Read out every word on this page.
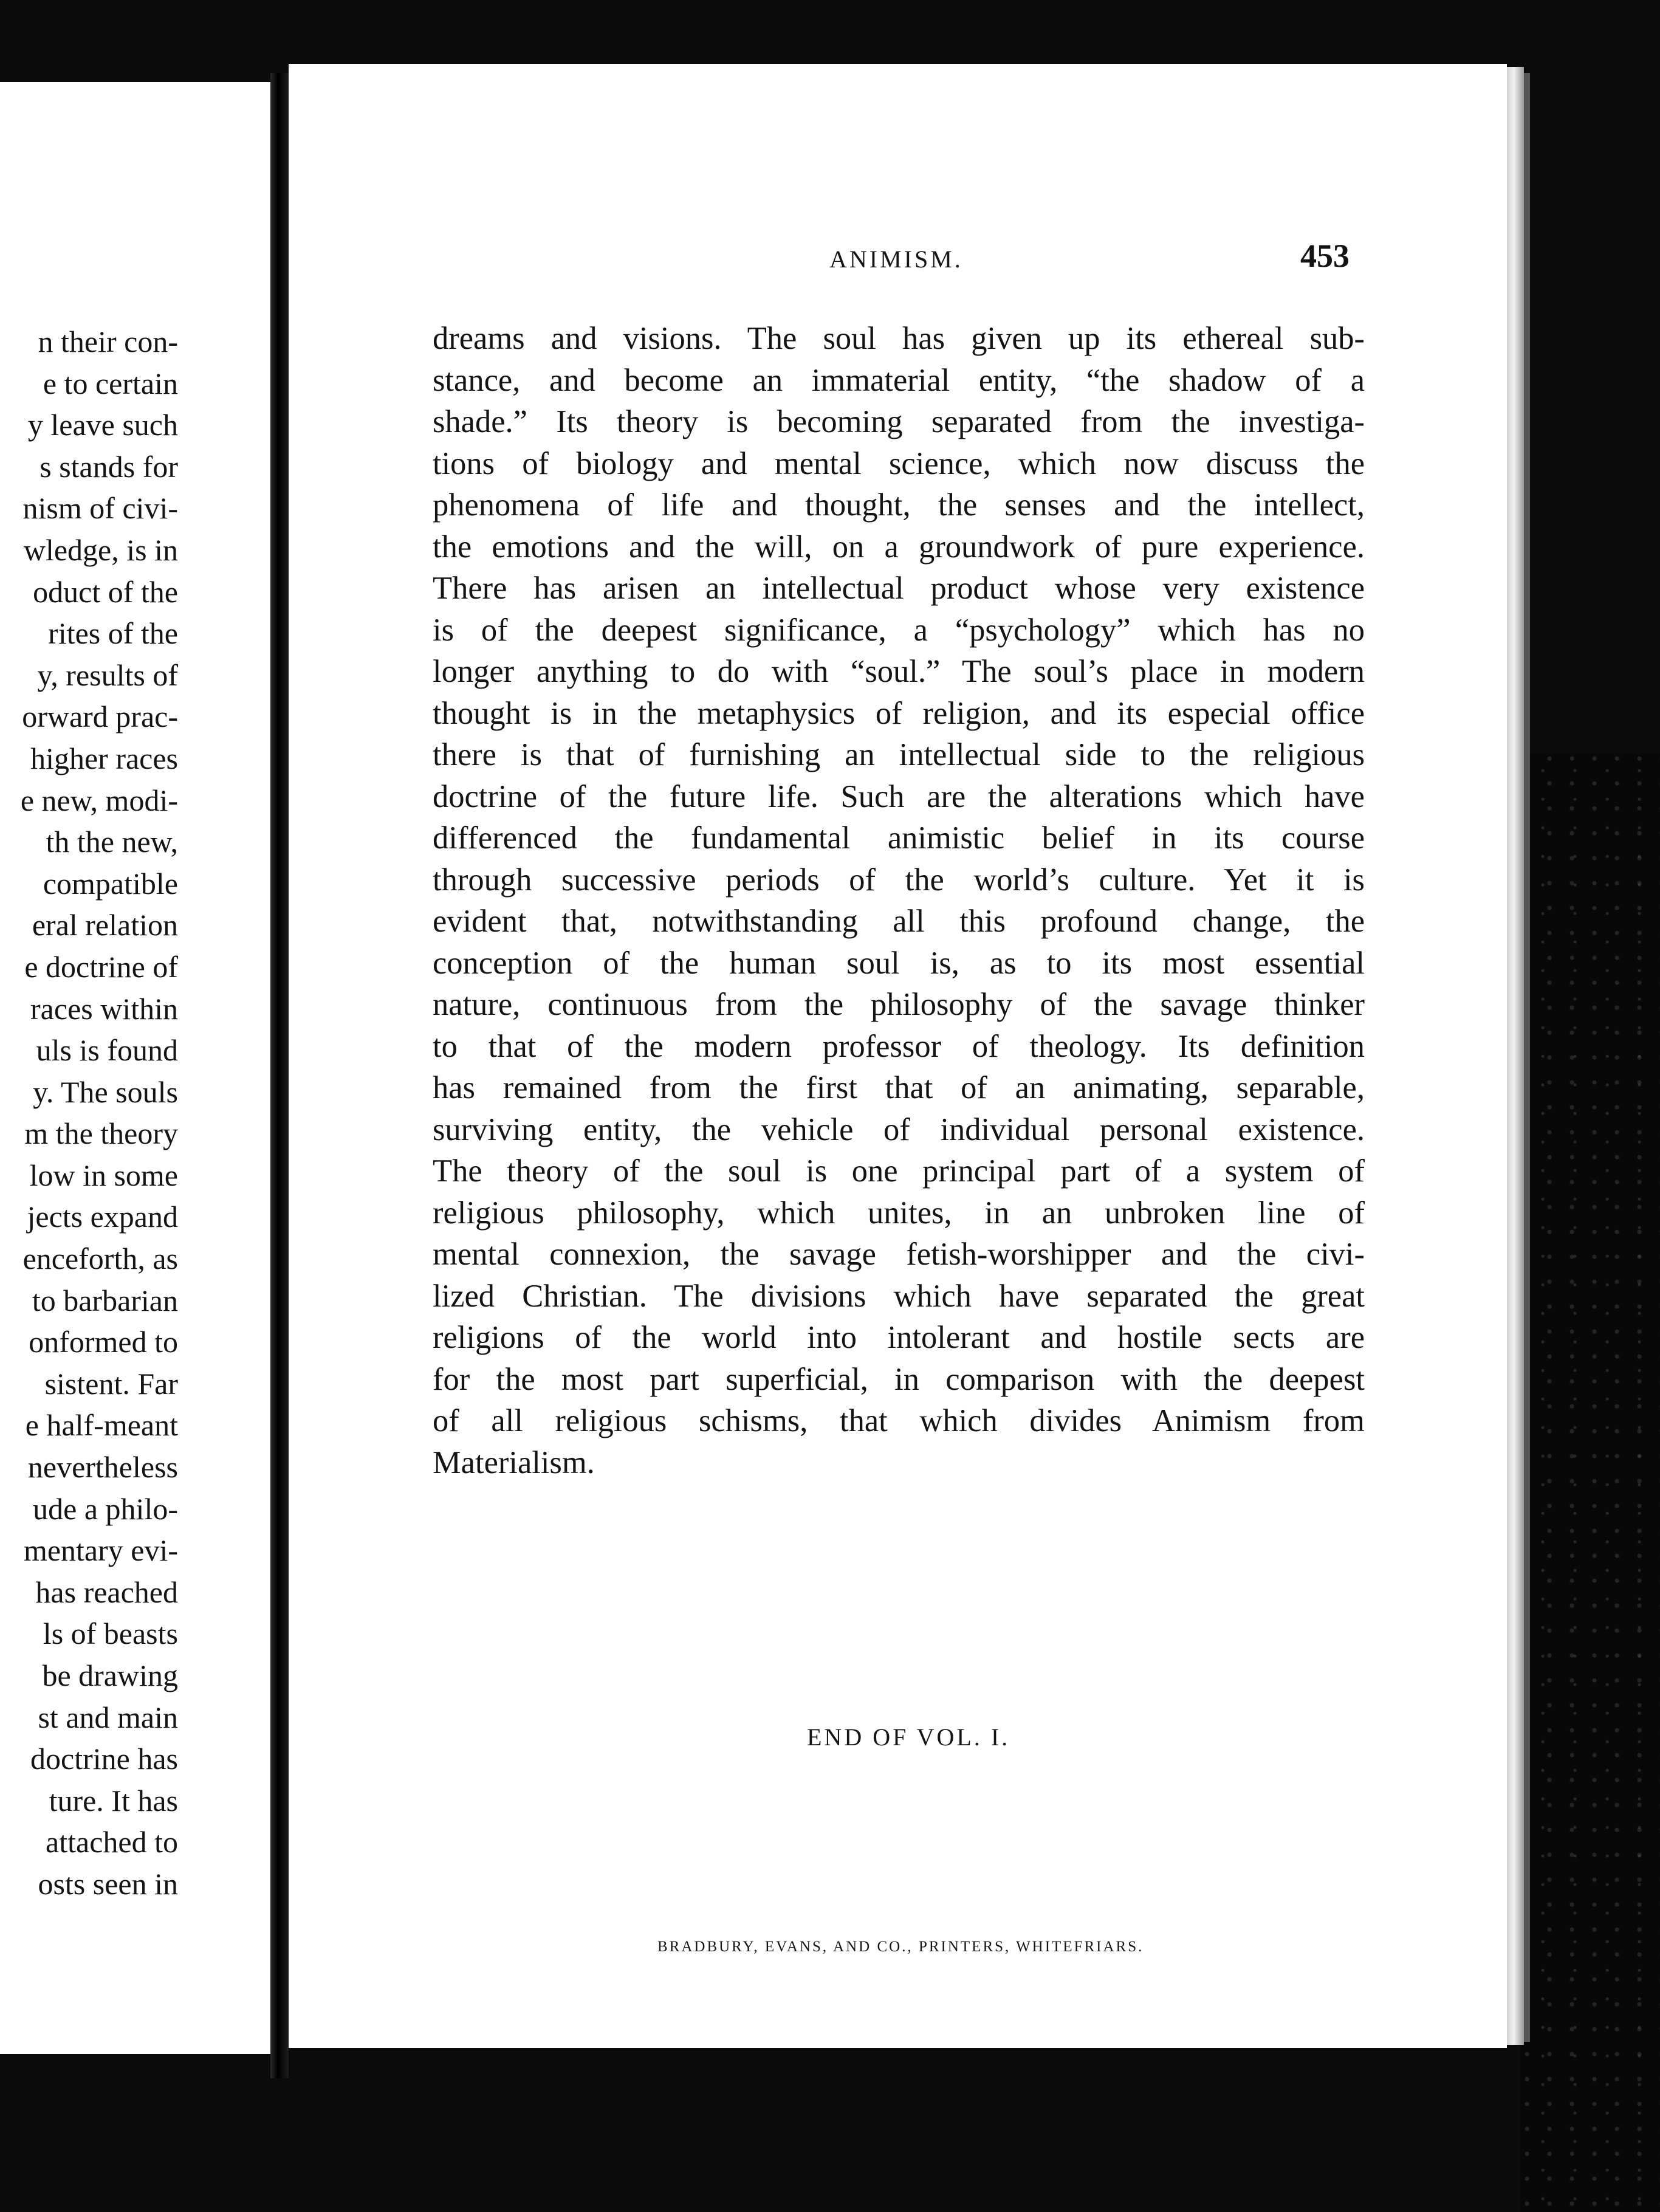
n their con-
e to certain
y leave such
s stands for
nism of civi-
wledge, is in
oduct of the
rites of the
y, results of
orward prac-
higher races
e new, modi-
th the new,
compatible
eral relation
e doctrine of
races within
uls is found
y. The souls
m the theory
low in some
jects expand
enceforth, as
to barbarian
onformed to
sistent. Far
e half-meant
nevertheless
ude a philo-
mentary evi-
has reached
ls of beasts
be drawing
st and main
doctrine has
ture. It has
attached to
osts seen in
ANIMISM.	453
dreams and visions. The soul has given up its ethereal sub-
stance, and become an immaterial entity, “the shadow of a
shade.” Its theory is becoming separated from the investiga-
tions of biology and mental science, which now discuss the
phenomena of life and thought, the senses and the intellect,
the emotions and the will, on a groundwork of pure experience.
There has arisen an intellectual product whose very existence
is of the deepest significance, a “psychology” which has no
longer anything to do with “soul.” The soul’s place in modern
thought is in the metaphysics of religion, and its especial office
there is that of furnishing an intellectual side to the religious
doctrine of the future life. Such are the alterations which have
differenced the fundamental animistic belief in its course
through successive periods of the world’s culture. Yet it is
evident that, notwithstanding all this profound change, the
conception of the human soul is, as to its most essential
nature, continuous from the philosophy of the savage thinker
to that of the modern professor of theology. Its definition
has remained from the first that of an animating, separable,
surviving entity, the vehicle of individual personal existence.
The theory of the soul is one principal part of a system of
religious philosophy, which unites, in an unbroken line of
mental connexion, the savage fetish-worshipper and the civi-
lized Christian. The divisions which have separated the great
religions of the world into intolerant and hostile sects are
for the most part superficial, in comparison with the deepest
of all religious schisms, that which divides Animism from
Materialism.
END OF VOL. I.
BRADBURY, EVANS, AND CO., PRINTERS, WHITEFRIARS.
